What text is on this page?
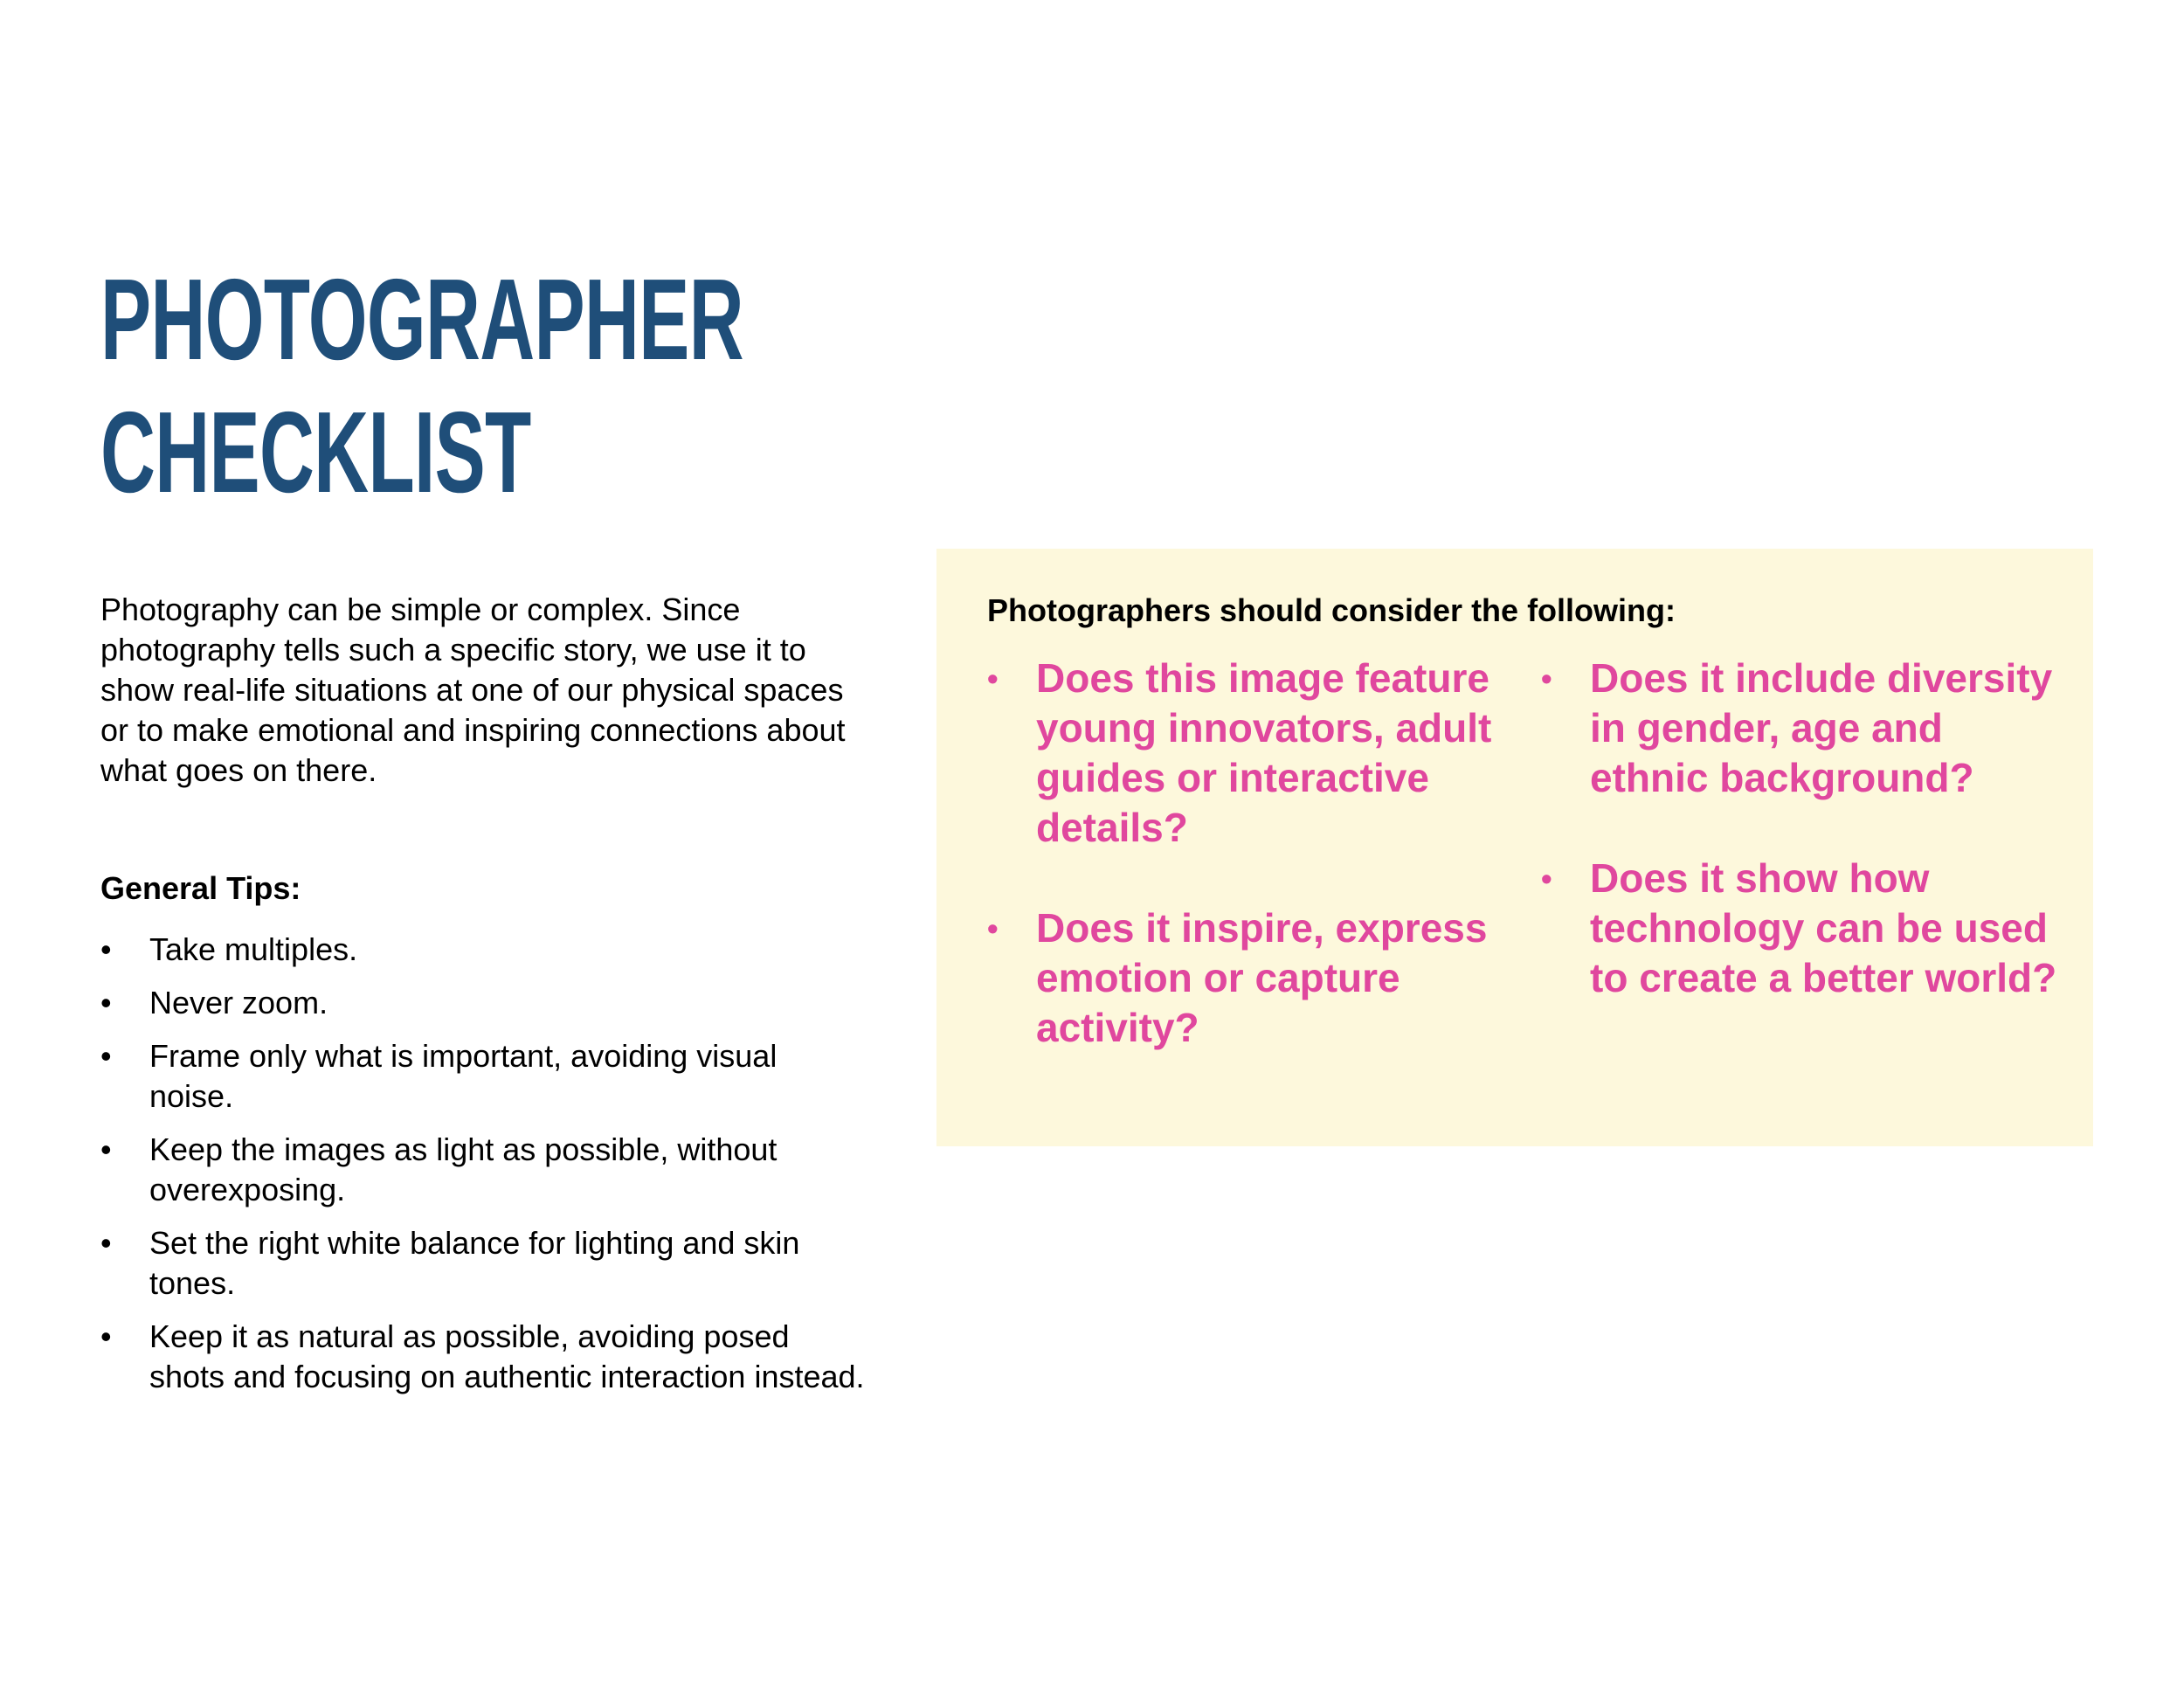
PHOTOGRAPHER
CHECKLIST

Photography can be simple or complex. Since photography tells such a specific story, we use it to show real-life situations at one of our physical spaces or to make emotional and inspiring connections about what goes on there.

General Tips:
• Take multiples.
• Never zoom.
• Frame only what is important, avoiding visual noise.
• Keep the images as light as possible, without overexposing.
• Set the right white balance for lighting and skin tones.
• Keep it as natural as possible, avoiding posed shots and focusing on authentic interaction instead.
Photographers should consider the following:
• Does this image feature young innovators, adult guides or interactive details?
• Does it inspire, express emotion or capture activity?
• Does it include diversity in gender, age and ethnic background?
• Does it show how technology can be used to create a better world?
